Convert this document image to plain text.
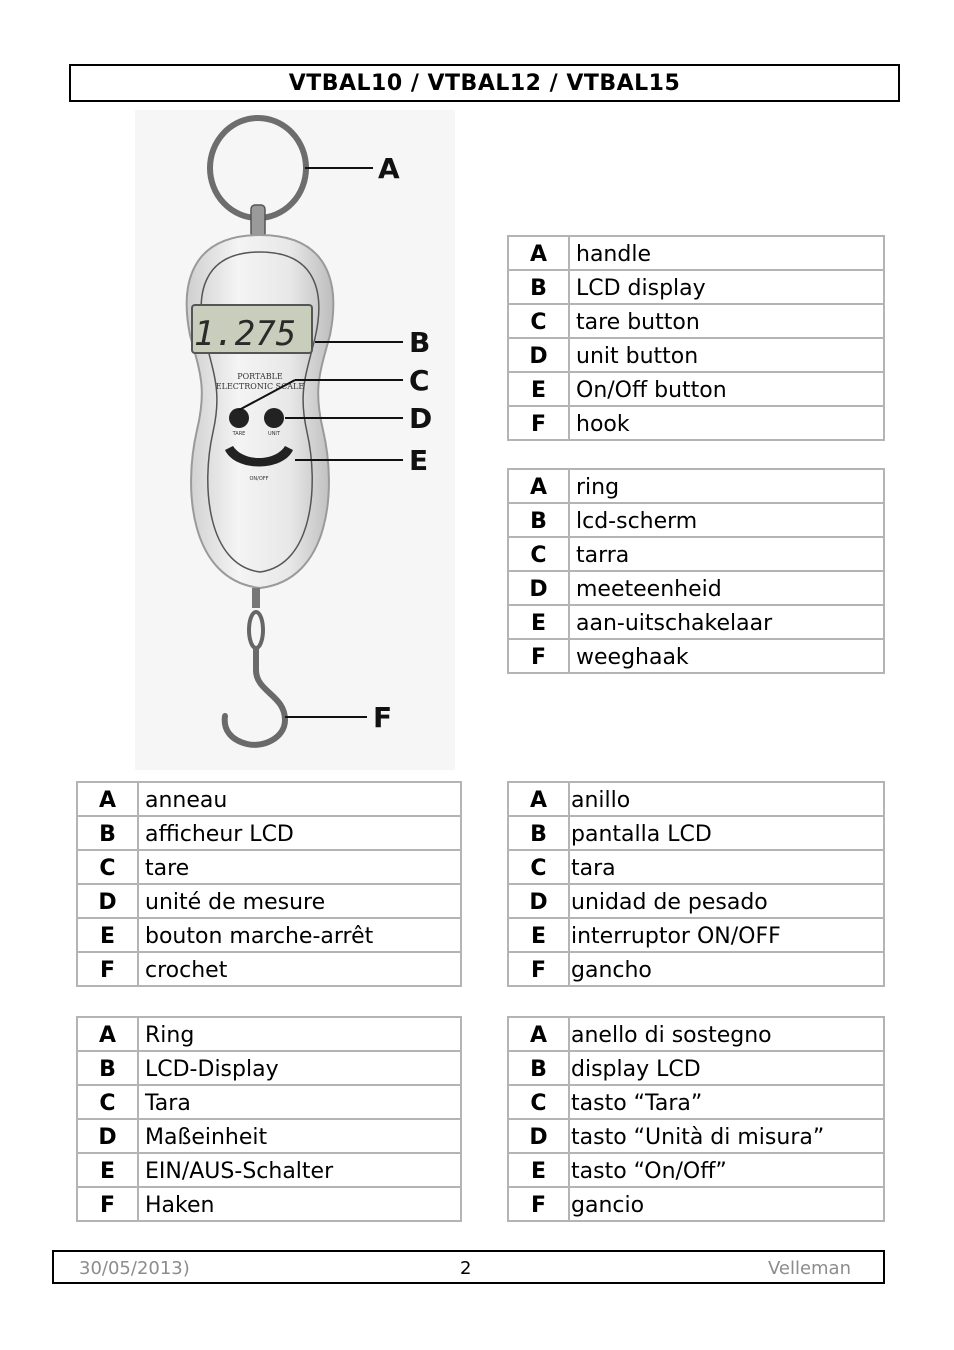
VTBAL10 / VTBAL12 / VTBAL15
1.275
PORTABLE
ELECTRONIC SCALE
TARE	UNIT
ON/OFF
A
B
C
D
E
F
A	handle
B	LCD display
C	tare button
D	unit button
E	On/Off button
F	hook
A	ring
B	lcd-scherm
C	tarra
D	meeteenheid
E	aan-uitschakelaar
F	weeghaak
A	anneau
B	afficheur LCD
C	tare
D	unité de mesure
E	bouton marche-arrêt
F	crochet
A	anillo
B	pantalla LCD
C	tara
D	unidad de pesado
E	interruptor ON/OFF
F	gancho
A	Ring
B	LCD-Display
C	Tara
D	Maßeinheit
E	EIN/AUS-Schalter
F	Haken
A	anello di sostegno
B	display LCD
C	tasto “Tara”
D	tasto “Unità di misura”
E	tasto “On/Off”
F	gancio
30/05/2013)	2	Velleman
